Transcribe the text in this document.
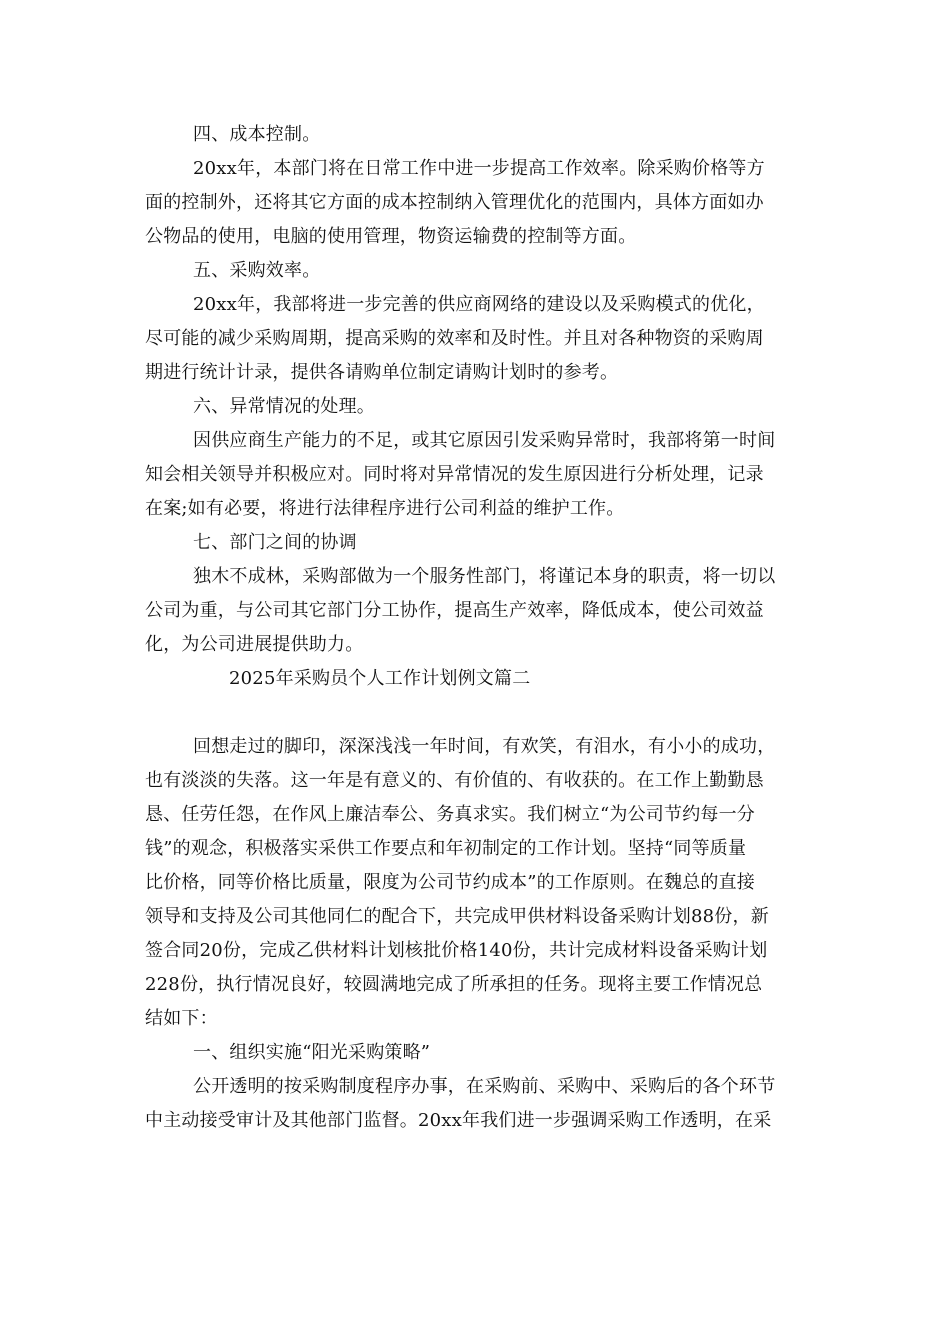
四、成本控制。
20xx年，本部门将在日常工作中进一步提高工作效率。除采购价格等方
面的控制外，还将其它方面的成本控制纳入管理优化的范围内，具体方面如办
公物品的使用，电脑的使用管理，物资运输费的控制等方面。
五、采购效率。
20xx年，我部将进一步完善的供应商网络的建设以及采购模式的优化，
尽可能的减少采购周期，提高采购的效率和及时性。并且对各种物资的采购周
期进行统计计录，提供各请购单位制定请购计划时的参考。
六、异常情况的处理。
因供应商生产能力的不足，或其它原因引发采购异常时，我部将第一时间
知会相关领导并积极应对。同时将对异常情况的发生原因进行分析处理，记录
在案;如有必要，将进行法律程序进行公司利益的维护工作。
七、部门之间的协调
独木不成林，采购部做为一个服务性部门，将谨记本身的职责，将一切以
公司为重，与公司其它部门分工协作，提高生产效率，降低成本，使公司效益
化，为公司进展提供助力。
2025年采购员个人工作计划例文篇二
回想走过的脚印，深深浅浅一年时间，有欢笑，有泪水，有小小的成功，
也有淡淡的失落。这一年是有意义的、有价值的、有收获的。在工作上勤勤恳
恳、任劳任怨，在作风上廉洁奉公、务真求实。我们树立“为公司节约每一分
钱”的观念，积极落实采供工作要点和年初制定的工作计划。坚持“同等质量
比价格，同等价格比质量，限度为公司节约成本”的工作原则。在魏总的直接
领导和支持及公司其他同仁的配合下，共完成甲供材料设备采购计划88份，新
签合同20份，完成乙供材料计划核批价格140份，共计完成材料设备采购计划
228份，执行情况良好，较圆满地完成了所承担的任务。现将主要工作情况总
结如下：
一、组织实施“阳光采购策略”
公开透明的按采购制度程序办事，在采购前、采购中、采购后的各个环节
中主动接受审计及其他部门监督。20xx年我们进一步强调采购工作透明，在采
